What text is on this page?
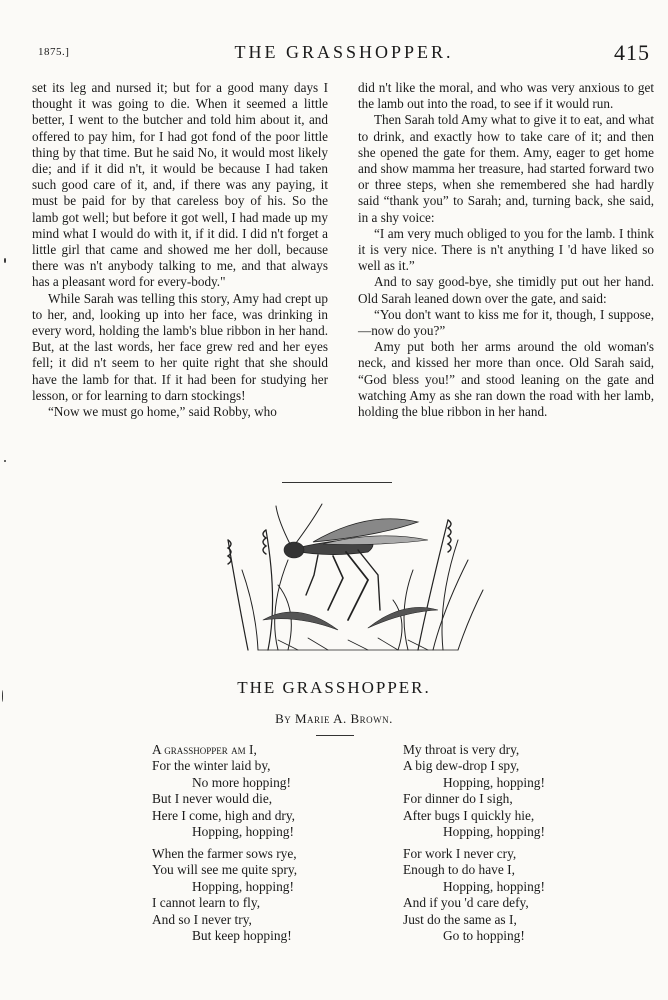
1875.]	THE GRASSHOPPER.	415

set its leg and nursed it; but for a good many days I thought it was going to die. When it seemed a little better, I went to the butcher and told him about it, and offered to pay him, for I had got fond of the poor little thing by that time. But he said No, it would most likely die; and if it did n't, it would be because I had taken such good care of it, and, if there was any paying, it must be paid for by that careless boy of his. So the lamb got well; but before it got well, I had made up my mind what I would do with it, if it did. I did n't forget a little girl that came and showed me her doll, because there was n't anybody talking to me, and that always has a pleasant word for every-body."

While Sarah was telling this story, Amy had crept up to her, and, looking up into her face, was drinking in every word, holding the lamb's blue ribbon in her hand. But, at the last words, her face grew red and her eyes fell; it did n't seem to her quite right that she should have the lamb for that. If it had been for studying her lesson, or for learning to darn stockings!

“Now we must go home,” said Robby, who

did n't like the moral, and who was very anxious to get the lamb out into the road, to see if it would run.

Then Sarah told Amy what to give it to eat, and what to drink, and exactly how to take care of it; and then she opened the gate for them. Amy, eager to get home and show mamma her treasure, had started forward two or three steps, when she remembered she had hardly said “thank you” to Sarah; and, turning back, she said, in a shy voice:

“I am very much obliged to you for the lamb. I think it is very nice. There is n't anything I 'd have liked so well as it.”

And to say good-bye, she timidly put out her hand. Old Sarah leaned down over the gate, and said:

“You don't want to kiss me for it, though, I suppose,—now do you?”

Amy put both her arms around the old woman's neck, and kissed her more than once. Old Sarah said, “God bless you!” and stood leaning on the gate and watching Amy as she ran down the road with her lamb, holding the blue ribbon in her hand.

THE GRASSHOPPER.
By Marie A. Brown.
A grasshopper am I,
For the winter laid by,
No more hopping!
But I never would die,
Here I come, high and dry,
Hopping, hopping!
When the farmer sows rye,
You will see me quite spry,
Hopping, hopping!
I cannot learn to fly,
And so I never try,
But keep hopping!
My throat is very dry,
A big dew-drop I spy,
Hopping, hopping!
For dinner do I sigh,
After bugs I quickly hie,
Hopping, hopping!
For work I never cry,
Enough to do have I,
Hopping, hopping!
And if you 'd care defy,
Just do the same as I,
Go to hopping!
